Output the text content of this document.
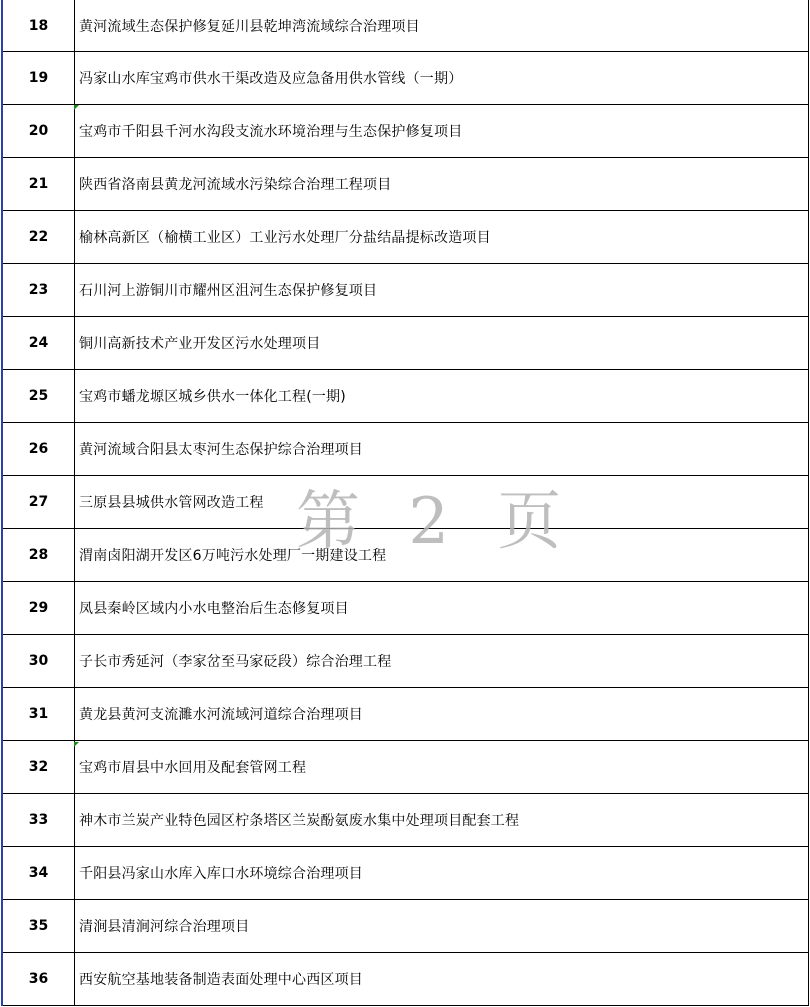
18	黄河流域生态保护修复延川县乾坤湾流域综合治理项目
19	冯家山水库宝鸡市供水干渠改造及应急备用供水管线（一期）
20	宝鸡市千阳县千河水沟段支流水环境治理与生态保护修复项目
21	陕西省洛南县黄龙河流域水污染综合治理工程项目
22	榆林高新区（榆横工业区）工业污水处理厂分盐结晶提标改造项目
23	石川河上游铜川市耀州区沮河生态保护修复项目
24	铜川高新技术产业开发区污水处理项目
25	宝鸡市蟠龙塬区城乡供水一体化工程(一期)
26	黄河流域合阳县太枣河生态保护综合治理项目
27	三原县县城供水管网改造工程
28	渭南卤阳湖开发区6万吨污水处理厂一期建设工程
29	凤县秦岭区域内小水电整治后生态修复项目
30	子长市秀延河（李家岔至马家砭段）综合治理工程
31	黄龙县黄河支流濉水河流域河道综合治理项目
32	宝鸡市眉县中水回用及配套管网工程
33	神木市兰炭产业特色园区柠条塔区兰炭酚氨废水集中处理项目配套工程
34	千阳县冯家山水库入库口水环境综合治理项目
35	清涧县清涧河综合治理项目
36	西安航空基地装备制造表面处理中心西区项目
第 2 页
